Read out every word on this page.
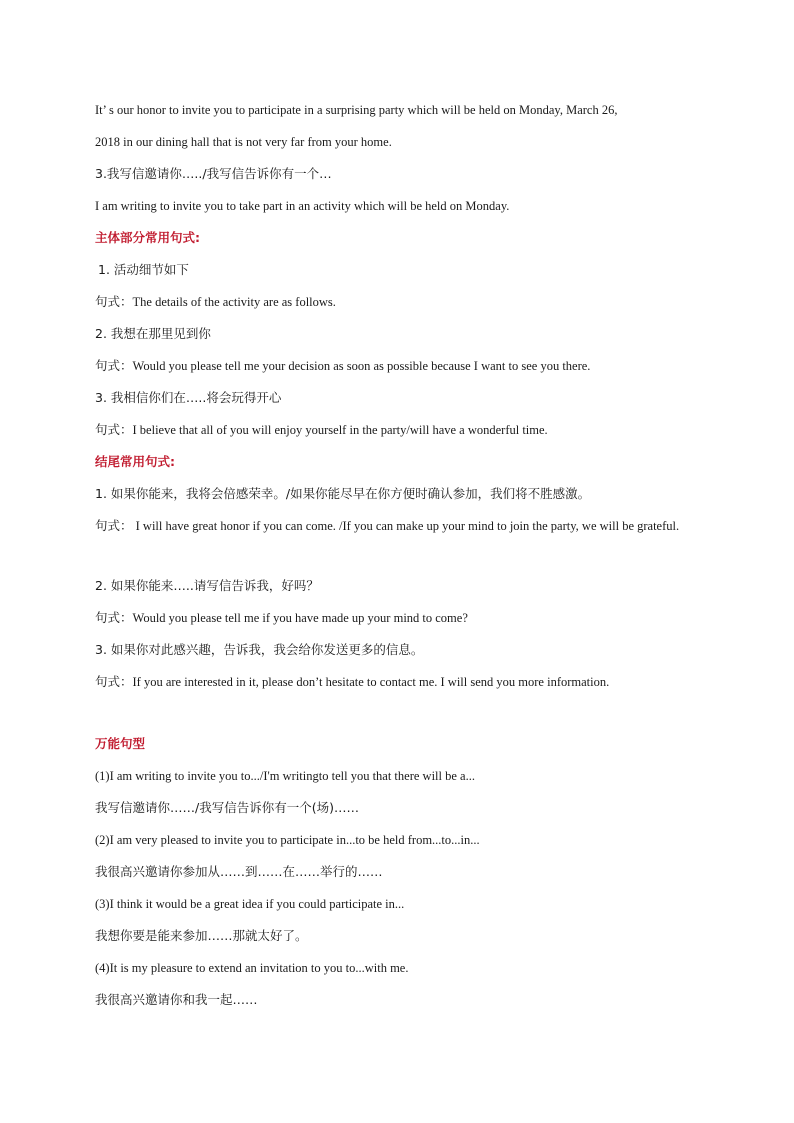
It’ s our honor to invite you to participate in a surprising party which will be held on Monday, March 26,
2018 in our dining hall that is not very far from your home.
3.我写信邀请你…../我写信告诉你有一个…
I am writing to invite you to take part in an activity which will be held on Monday.
主体部分常用句式:
1. 活动细节如下
句式：The details of the activity are as follows.
2. 我想在那里见到你
句式：Would you please tell me your decision as soon as possible because I want to see you there.
3. 我相信你们在…..将会玩得开心
句式：I believe that all of you will enjoy yourself in the party/will have a wonderful time.
结尾常用句式:
1. 如果你能来，我将会倍感荣幸。/如果你能尽早在你方便时确认参加，我们将不胜感激。
句式： I will have great honor if you can come. /If you can make up your mind to join the party, we will be grateful.
2. 如果你能来…..请写信告诉我，好吗？
句式：Would you please tell me if you have made up your mind to come?
3. 如果你对此感兴趣，告诉我，我会给你发送更多的信息。
句式：If you are interested in it, please don’t hesitate to contact me. I will send you more information.
万能句型
(1)I am writing to invite you to.../I'm writingto tell you that there will be a...
我写信邀请你……/我写信告诉你有一个(场)……
(2)I am very pleased to invite you to participate in...to be held from...to...in...
我很高兴邀请你参加从……到……在……举行的……
(3)I think it would be a great idea if you could participate in...
我想你要是能来参加……那就太好了。
(4)It is my pleasure to extend an invitation to you to...with me.
我很高兴邀请你和我一起……
